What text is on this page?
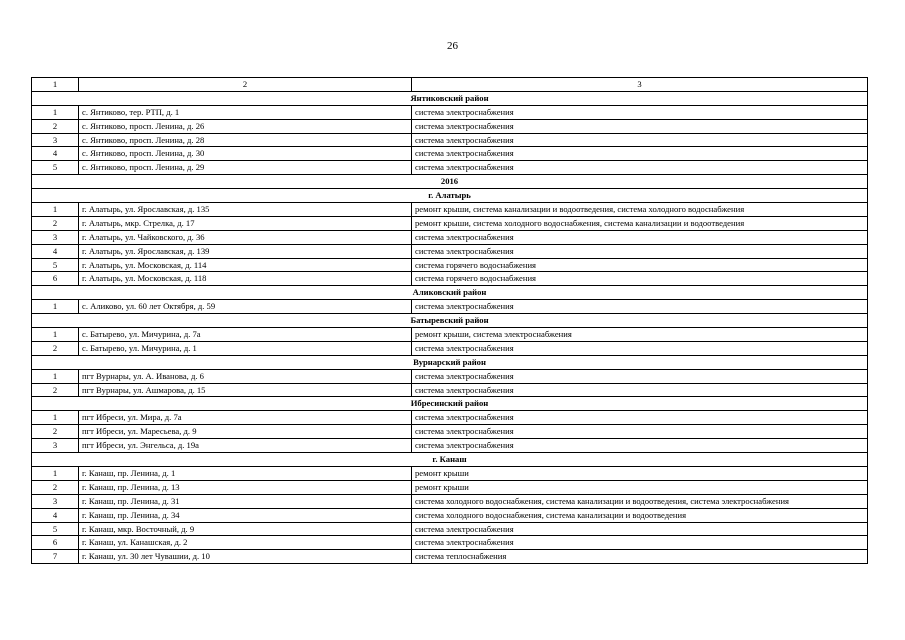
26
1	2	3
Янтиковский район		
1	с. Янтиково, тер. РТП, д. 1	система электроснабжения
2	с. Янтиково, просп. Ленина, д. 26	система электроснабжения
3	с. Янтиково, просп. Ленина, д. 28	система электроснабжения
4	с. Янтиково, просп. Ленина, д. 30	система электроснабжения
5	с. Янтиково, просп. Ленина, д. 29	система электроснабжения
2016		
г. Алатырь		
1	г. Алатырь, ул. Ярославская, д. 135	ремонт крыши, система канализации и водоотведения, система холодного водоснабжения
2	г. Алатырь, мкр. Стрелка, д. 17	ремонт крыши, система холодного водоснабжения, система канализации и водоотведения
3	г. Алатырь, ул. Чайковского, д. 36	система электроснабжения
4	г. Алатырь, ул. Ярославская, д. 139	система электроснабжения
5	г. Алатырь, ул. Московская, д. 114	система горячего водоснабжения
6	г. Алатырь, ул. Московская, д. 118	система горячего водоснабжения
Аликовский район		
1	с. Аликово, ул. 60 лет Октября, д. 59	система электроснабжения
Батыревский район		
1	с. Батырево, ул. Мичурина, д. 7а	ремонт крыши, система электроснабжения
2	с. Батырево, ул. Мичурина, д. 1	система электроснабжения
Вурнарский район		
1	пгт Вурнары, ул. А. Иванова, д. 6	система электроснабжения
2	пгт Вурнары, ул. Ашмарова, д. 15	система электроснабжения
Ибресинский район		
1	пгт Ибреси, ул. Мира, д. 7а	система электроснабжения
2	пгт Ибреси, ул. Маресьева, д. 9	система электроснабжения
3	пгт Ибреси, ул. Энгельса, д. 19а	система электроснабжения
г. Канаш		
1	г. Канаш, пр. Ленина, д. 1	ремонт крыши
2	г. Канаш, пр. Ленина, д. 13	ремонт крыши
3	г. Канаш, пр. Ленина, д. 31	система холодного водоснабжения, система канализации и водоотведения, система электроснабжения
4	г. Канаш, пр. Ленина, д. 34	система холодного водоснабжения, система канализации и водоотведения
5	г. Канаш, мкр. Восточный, д. 9	система электроснабжения
6	г. Канаш, ул. Канашская, д. 2	система электроснабжения
7	г. Канаш, ул. 30 лет Чувашии, д. 10	система теплоснабжения
